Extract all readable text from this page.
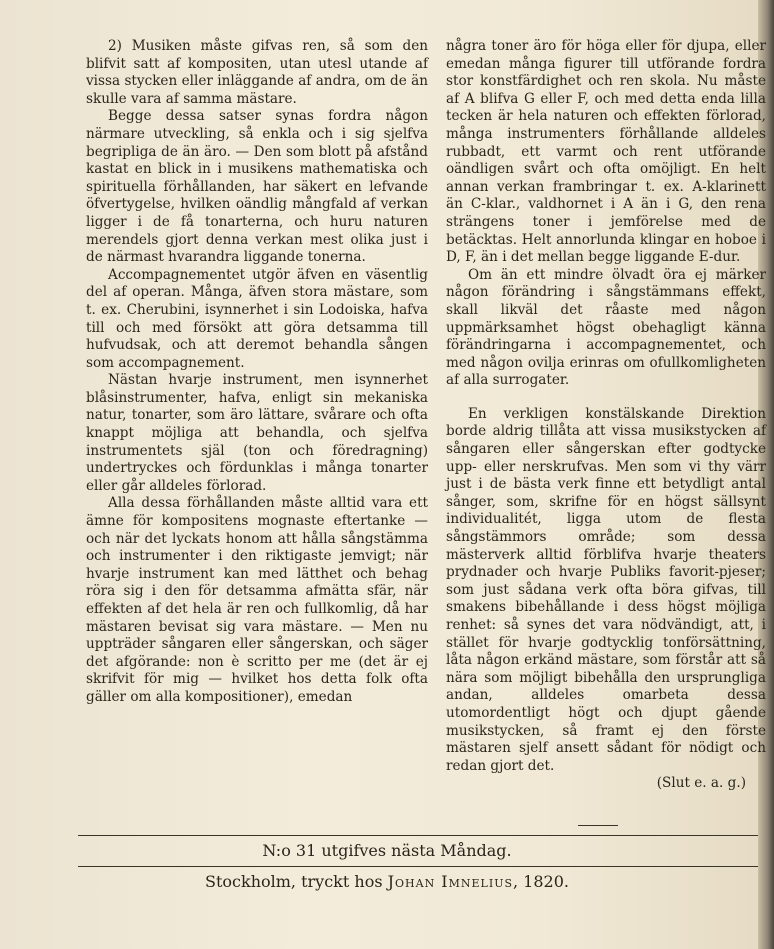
2) Musiken måste gifvas ren, så som den blifvit satt af kompositen, utan utesl utande af vissa stycken eller inläggande af andra, om de än skulle vara af samma mästare.

Begge dessa satser synas fordra någon närmare utveckling, så enkla och i sig sjelfva begripliga de än äro. — Den som blott på afstånd kastat en blick in i musikens mathematiska och spirituella förhållanden, har säkert en lefvande öfvertygelse, hvilken oändlig mångfald af verkan ligger i de få tonarterna, och huru naturen merendels gjort denna verkan mest olika just i de närmast hvarandra liggande tonerna.

Accompagnementet utgör äfven en väsentlig del af operan. Många, äfven stora mästare, som t. ex. Cherubini, isynnerhet i sin Lodoiska, hafva till och med försökt att göra detsamma till hufvudsak, och att deremot behandla sången som accompagnement.

Nästan hvarje instrument, men isynnerhet blåsinstrumenter, hafva, enligt sin mekaniska natur, tonarter, som äro lättare, svårare och ofta knappt möjliga att behandla, och sjelfva instrumentets själ (ton och föredragning) undertryckes och fördunklas i många tonarter eller går alldeles förlorad.

Alla dessa förhållanden måste alltid vara ett ämne för kompositens mognaste eftertanke — och när det lyckats honom att hålla sångstämma och instrumenter i den riktigaste jemvigt; när hvarje instrument kan med lätthet och behag röra sig i den för detsamma afmätta sfär, när effekten af det hela är ren och fullkomlig, då har mästaren bevisat sig vara mästare. — Men nu uppträder sångaren eller sångerskan, och säger det afgörande: non è scritto per me (det är ej skrifvit för mig — hvilket hos detta folk ofta gäller om alla kompositioner), emedan

några toner äro för höga eller för djupa, eller emedan många figurer till utförande fordra stor konstfärdighet och ren skola. Nu måste af A blifva G eller F, och med detta enda lilla tecken är hela naturen och effekten förlorad, många instrumenters förhållande alldeles rubbadt, ett varmt och rent utförande oändligen svårt och ofta omöjligt. En helt annan verkan frambringar t. ex. A-klarinett än C-klar., valdhornet i A än i G, den rena strängens toner i jemförelse med de betäcktas. Helt annorlunda klingar en hoboe i D, F, än i det mellan begge liggande E-dur.

Om än ett mindre ölvadt öra ej märker någon förändring i sångstämmans effekt, skall likväl det råaste med någon uppmärksamhet högst obehagligt känna förändringarna i accompagnementet, och med någon ovilja erinras om ofullkomligheten af alla surrogater.

En verkligen konstälskande Direktion borde aldrig tillåta att vissa musikstycken af sångaren eller sångerskan efter godtycke upp- eller nerskrufvas. Men som vi thy värr just i de bästa verk finne ett betydligt antal sånger, som, skrifne för en högst sällsynt individualitét, ligga utom de flesta sångstämmors område; som dessa mästerverk alltid förblifva hvarje theaters prydnader och hvarje Publiks favorit-pjeser; som just sådana verk ofta böra gifvas, till smakens bibehållande i dess högst möjliga renhet: så synes det vara nödvändigt, att, i stället för hvarje godtycklig tonförsättning, låta någon erkänd mästare, som förstår att så nära som möjligt bibehålla den ursprungliga andan, alldeles omarbeta dessa utomordentligt högt och djupt gående musikstycken, så framt ej den förste mästaren sjelf ansett sådant för nödigt och redan gjort det.

(Slut e. a. g.)

N:o 31 utgifves nästa Måndag.
Stockholm, tryckt hos Johan Imnelius, 1820.
